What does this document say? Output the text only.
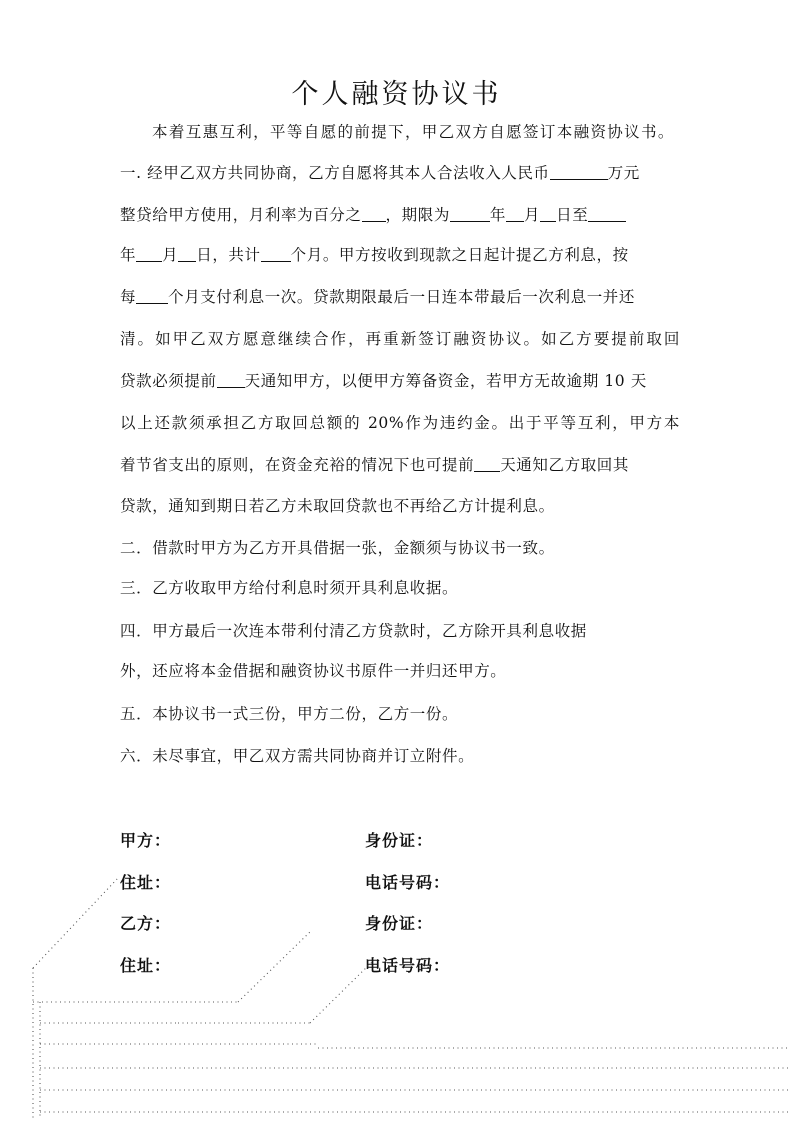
个人融资协议书
本着互惠互利，平等自愿的前提下，甲乙双方自愿签订本融资协议书。
一. 经甲乙双方共同协商，乙方自愿将其本人合法收入人民币	万元
整贷给甲方使用，月利率为百分之 ，期限为	年 月 日至
年 月 日，共计 个月。甲方按收到现款之日起计提乙方利息，按
每 个月支付利息一次。贷款期限最后一日连本带最后一次利息一并还
清。如甲乙双方愿意继续合作，再重新签订融资协议。如乙方要提前取回
贷款必须提前 天通知甲方，以便甲方筹备资金，若甲方无故逾期 10 天
以上还款须承担乙方取回总额的 20%作为违约金。出于平等互利，甲方本
着节省支出的原则，在资金充裕的情况下也可提前 天通知乙方取回其
贷款，通知到期日若乙方未取回贷款也不再给乙方计提利息。
二．借款时甲方为乙方开具借据一张，金额须与协议书一致。
三．乙方收取甲方给付利息时须开具利息收据。
四．甲方最后一次连本带利付清乙方贷款时，乙方除开具利息收据
外，还应将本金借据和融资协议书原件一并归还甲方。
五．本协议书一式三份，甲方二份，乙方一份。
六．未尽事宜，甲乙双方需共同协商并订立附件。
甲方：	身份证：
住址：	电话号码：
乙方：	身份证：
住址：	电话号码：
